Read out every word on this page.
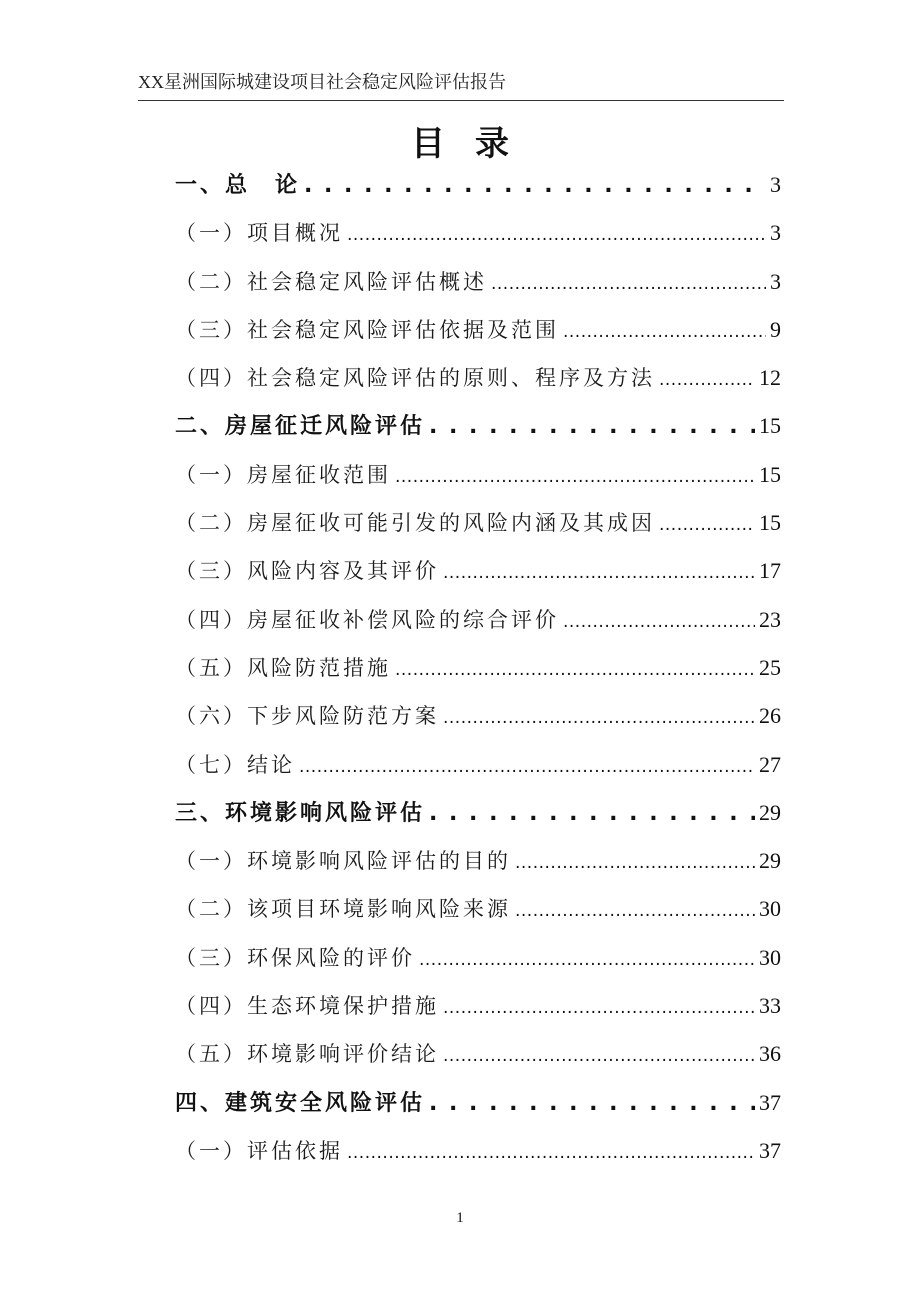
XX星洲国际城建设项目社会稳定风险评估报告
目录
一、总　论 . . .	3
（一）项目概况 .....	3
（二）社会稳定风险评估概述 .....	3
（三）社会稳定风险评估依据及范围 .....	9
（四）社会稳定风险评估的原则、程序及方法 .....	12
二、房屋征迁风险评估 . . .	15
（一）房屋征收范围 .....	15
（二）房屋征收可能引发的风险内涵及其成因 .....	15
（三）风险内容及其评价 .....	17
（四）房屋征收补偿风险的综合评价 .....	23
（五）风险防范措施 .....	25
（六）下步风险防范方案 .....	26
（七）结论 .....	27
三、环境影响风险评估 . . .	29
（一）环境影响风险评估的目的 .....	29
（二）该项目环境影响风险来源 .....	30
（三）环保风险的评价 .....	30
（四）生态环境保护措施 .....	33
（五）环境影响评价结论 .....	36
四、建筑安全风险评估 . . .	37
（一）评估依据 .....	37
1
